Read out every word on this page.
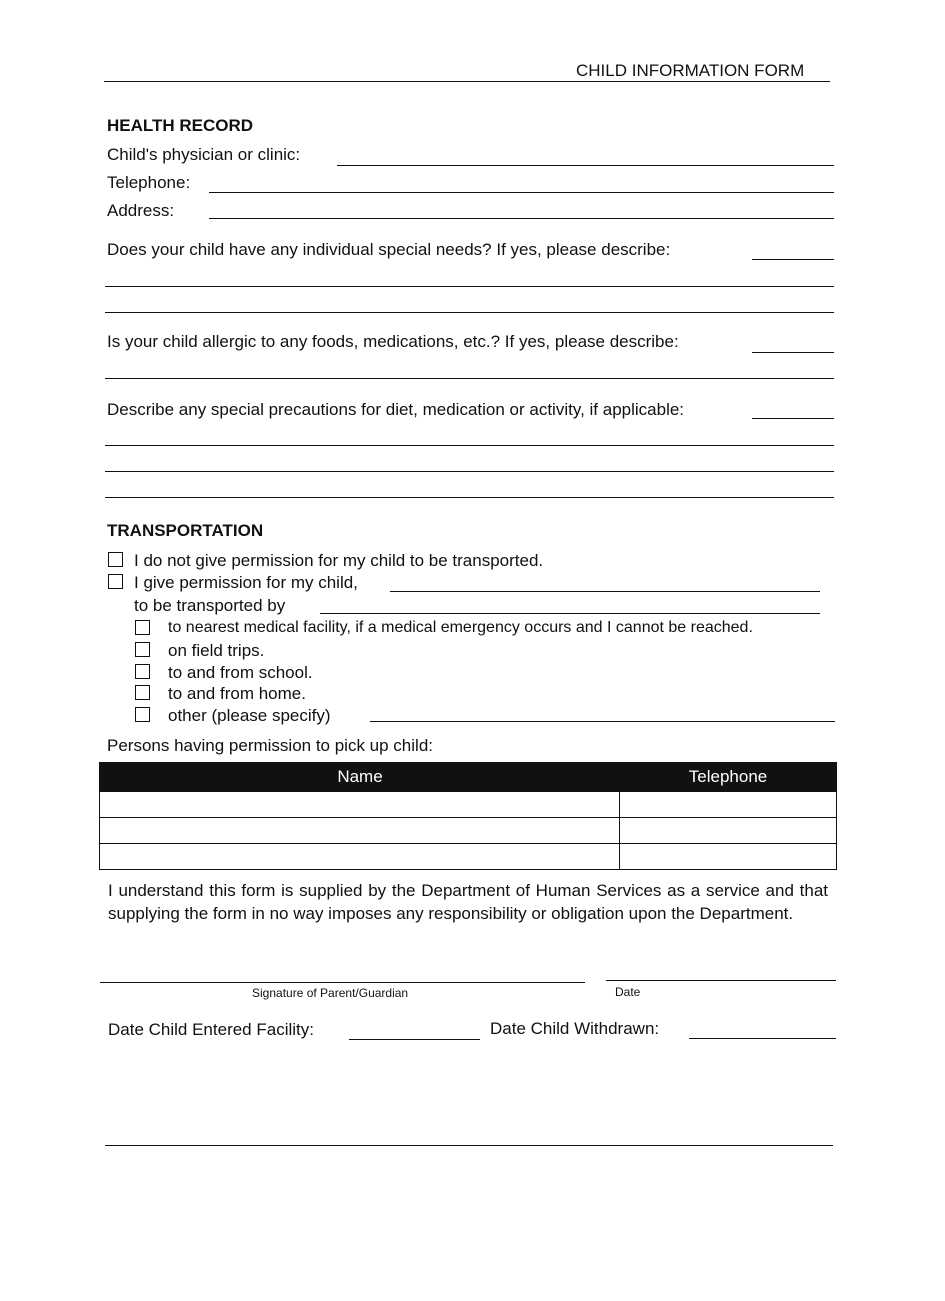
CHILD INFORMATION FORM
HEALTH RECORD
Child's physician or clinic:
Telephone:
Address:
Does your child have any individual special needs? If yes, please describe:
Is your child allergic to any foods, medications, etc.? If yes, please describe:
Describe any special precautions for diet, medication or activity, if applicable:
TRANSPORTATION
I do not give permission for my child to be transported.
I give permission for my child,
to be transported by
to nearest medical facility, if a medical emergency occurs and I cannot be reached.
on field trips.
to and from school.
to and from home.
other (please specify)
Persons having permission to pick up child:
Name	Telephone
I understand this form is supplied by the Department of Human Services as a service and that supplying the form in no way imposes any responsibility or obligation upon the Department.
Signature of Parent/Guardian	Date
Date Child Entered Facility:	Date Child Withdrawn:
